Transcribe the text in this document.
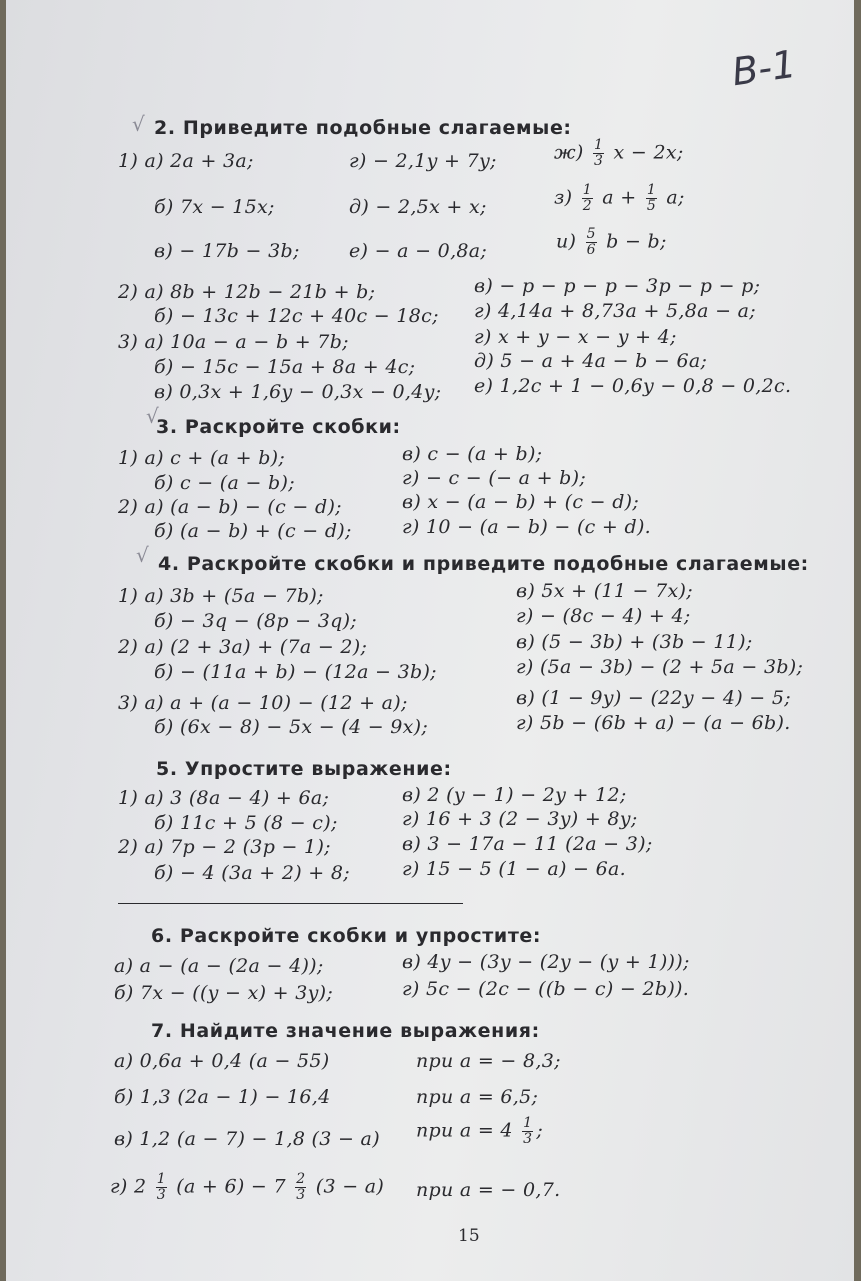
В-1
√
√
√
2. Приведите подобные слагаемые:
1) а) 2a + 3a;	г) − 2,1y + 7y;	$ж) \frac{1}{3}$ x − 2x;
б) 7x − 15x;	д) − 2,5x + x;	$з) \frac{1}{2}$ $a + \frac{1}{5} a$;
в) − 17b − 3b;	е) − a − 0,8a;	$и) \frac{5}{6}$ b − b;
2) а) 8b + 12b − 21b + b;	в) − p − p − p − 3p − p − p;
б) − 13c + 12c + 40c − 18c; г) 4,14a + 8,73a + 5,8a − a;
3) а) 10a − a − b + 7b;	г) x + y − x − y + 4;
б) − 15c − 15a + 8a + 4c;	д) 5 − a + 4a − b − 6a;
в) 0,3x + 1,6y − 0,3x − 0,4y; е) 1,2c + 1 − 0,6y − 0,8 − 0,2c.
3. Раскройте скобки:
1) а) c + (a + b);	в) c − (a + b);
б) c − (a − b);	г) − c − (− a + b);
2) а) (a − b) − (c − d);	в) x − (a − b) + (c − d);
б) (a − b) + (c − d);	г) 10 − (a − b) − (c + d).
4. Раскройте скобки и приведите подобные слагаемые:
1) а) 3b + (5a − 7b);	в) 5x + (11 − 7x);
б) − 3q − (8p − 3q);	г) − (8c − 4) + 4;
2) а) (2 + 3a) + (7a − 2);	в) (5 − 3b) + (3b − 11);
б) − (11a + b) − (12a − 3b);	г) (5a − 3b) − (2 + 5a − 3b);
3) а) a + (a − 10) − (12 + a);	в) (1 − 9y) − (22y − 4) − 5;
б) (6x − 8) − 5x − (4 − 9x);	г) 5b − (6b + a) − (a − 6b).
5. Упростите выражение:
1) а) 3 (8a − 4) + 6a;	в) 2 (y − 1) − 2y + 12;
б) 11c + 5 (8 − c);	г) 16 + 3 (2 − 3y) + 8y;
2) а) 7p − 2 (3p − 1);	в) 3 − 17a − 11 (2a − 3);
б) − 4 (3a + 2) + 8;	г) 15 − 5 (1 − a) − 6a.
6. Раскройте скобки и упростите:
а) a − (a − (2a − 4));	в) 4y − (3y − (2y − (y + 1)));
б) 7x − ((y − x) + 3y);	г) 5c − (2c − ((b − c) − 2b)).
7. Найдите значение выражения:
а) 0,6a + 0,4 (a − 55)	при a = − 8,3;
б) 1,3 (2a − 1) − 16,4	при a = 6,5;
в) 1,2 (a − 7) − 1,8 (3 − a) при $a = 4 \frac{1}{3}$ ;
г) $2 \frac{1}{3} (a + 6) - 7 \frac{2}{3} (3 - a)$ при a = − 0,7.
15
